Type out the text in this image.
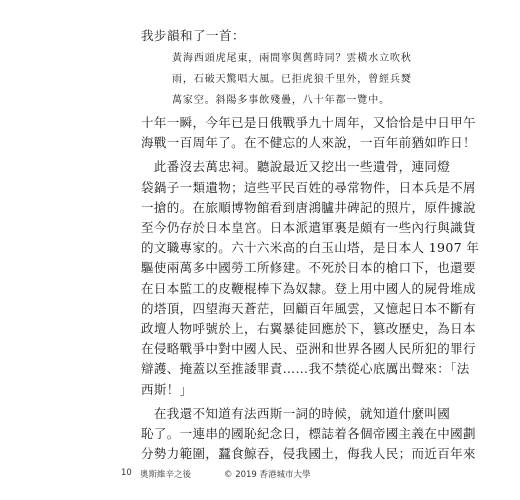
我步韻和了一首：
黃海西頭虎尾東，兩間寧與舊時同？雲橫水立吹秋
雨，石破天驚唱大風。已拒虎狼千里外，曾經兵燹
萬家空。斜陽多事飲殘疊，八十年都一覽中。
十年一瞬，今年已是日俄戰爭九十周年，又恰恰是中日甲午
海戰一百周年了。在不健忘的人來說，一百年前猶如昨日！
　此番沒去萬忠祠。聽說最近又挖出一些遺骨，連同燈
袋鍋子一類遺物；這些平民百姓的尋常物件，日本兵是不屑
一搶的。在旅順博物館看到唐鴻臚井碑記的照片，原件據說
至今仍存於日本皇宮。日本派遣軍裏是頗有一些內行與識貨
的文職專家的。六十六米高的白玉山塔，是日本人 1907 年
驅使兩萬多中國勞工所修建。不死於日本的槍口下，也還要
在日本監工的皮鞭棍棒下為奴隸。登上用中國人的屍骨堆成
的塔頂，四望海天蒼茫，回顧百年風雲，又憶起日本不斷有
政壇人物呼號於上，右翼暴徒回應於下，篡改歷史，為日本
在侵略戰爭中對中國人民、亞洲和世界各國人民所犯的罪行
辯護、掩蓋以至推諉罪責……我不禁從心底厲出聲來：「法
西斯！」
　在我還不知道有法西斯一詞的時候，就知道什麼叫國
恥了。一連串的國恥紀念日，標誌着各個帝國主義在中國劃
分勢力範圍，蠶食鯨吞，侵我國土，侮我人民；而近百年來
10 奧斯維辛之後	© 2019 香港城市大學
